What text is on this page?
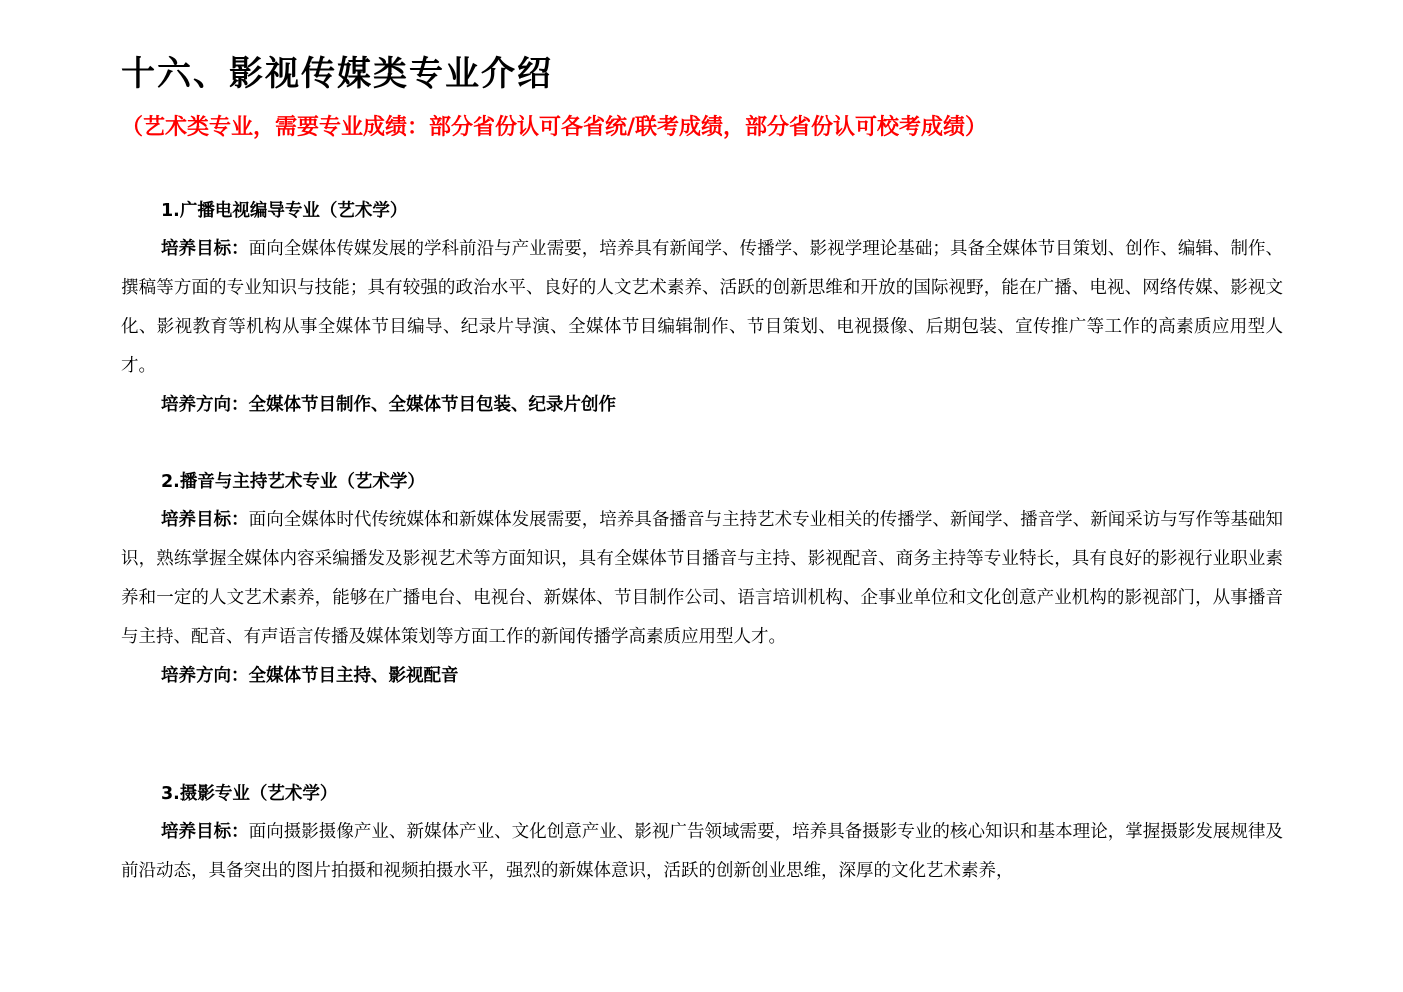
十六、影视传媒类专业介绍
（艺术类专业，需要专业成绩：部分省份认可各省统/联考成绩，部分省份认可校考成绩）
1.广播电视编导专业（艺术学）

培养目标：面向全媒体传媒发展的学科前沿与产业需要，培养具有新闻学、传播学、影视学理论基础；具备全媒体节目策划、创作、编辑、制作、撰稿等方面的专业知识与技能；具有较强的政治水平、良好的人文艺术素养、活跃的创新思维和开放的国际视野，能在广播、电视、网络传媒、影视文化、影视教育等机构从事全媒体节目编导、纪录片导演、全媒体节目编辑制作、节目策划、电视摄像、后期包装、宣传推广等工作的高素质应用型人才。

培养方向：全媒体节目制作、全媒体节目包装、纪录片创作
2.播音与主持艺术专业（艺术学）

培养目标：面向全媒体时代传统媒体和新媒体发展需要，培养具备播音与主持艺术专业相关的传播学、新闻学、播音学、新闻采访与写作等基础知识，熟练掌握全媒体内容采编播发及影视艺术等方面知识，具有全媒体节目播音与主持、影视配音、商务主持等专业特长，具有良好的影视行业职业素养和一定的人文艺术素养，能够在广播电台、电视台、新媒体、节目制作公司、语言培训机构、企事业单位和文化创意产业机构的影视部门，从事播音与主持、配音、有声语言传播及媒体策划等方面工作的新闻传播学高素质应用型人才。

培养方向：全媒体节目主持、影视配音
3.摄影专业（艺术学）

培养目标：面向摄影摄像产业、新媒体产业、文化创意产业、影视广告领域需要，培养具备摄影专业的核心知识和基本理论，掌握摄影发展规律及前沿动态，具备突出的图片拍摄和视频拍摄水平，强烈的新媒体意识，活跃的创新创业思维，深厚的文化艺术素养，
